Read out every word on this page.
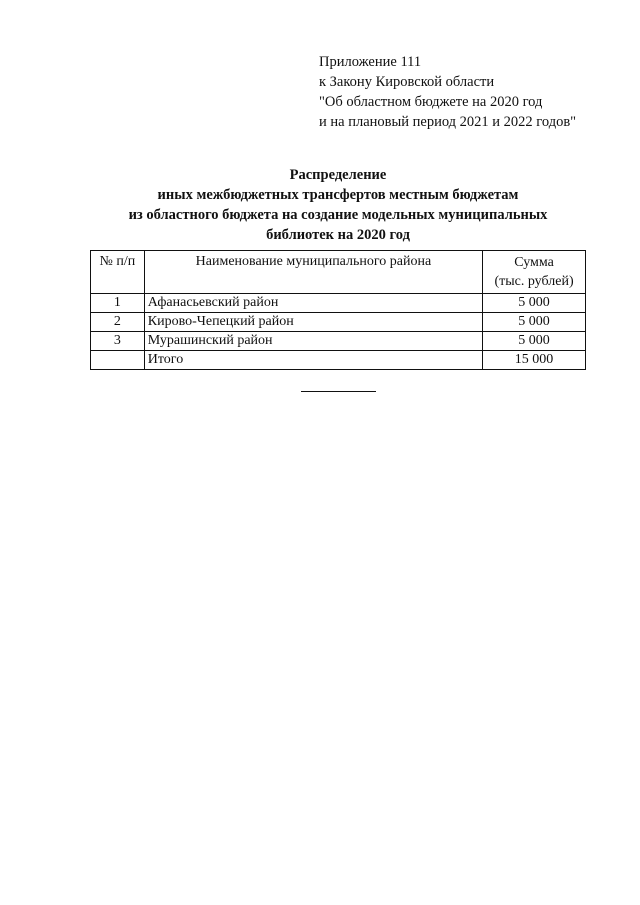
Приложение 111
к Закону Кировской области
"Об областном бюджете на 2020 год
и на плановый период 2021 и 2022 годов"
Распределение
иных межбюджетных трансфертов местным бюджетам
из областного бюджета на создание модельных муниципальных
библиотек на 2020 год
№ п/п	Наименование муниципального района	Сумма
(тыс. рублей)

1	Афанасьевский район	5 000
2	Кирово-Чепецкий район	5 000
3	Мурашинский район	5 000
	Итого	15 000
